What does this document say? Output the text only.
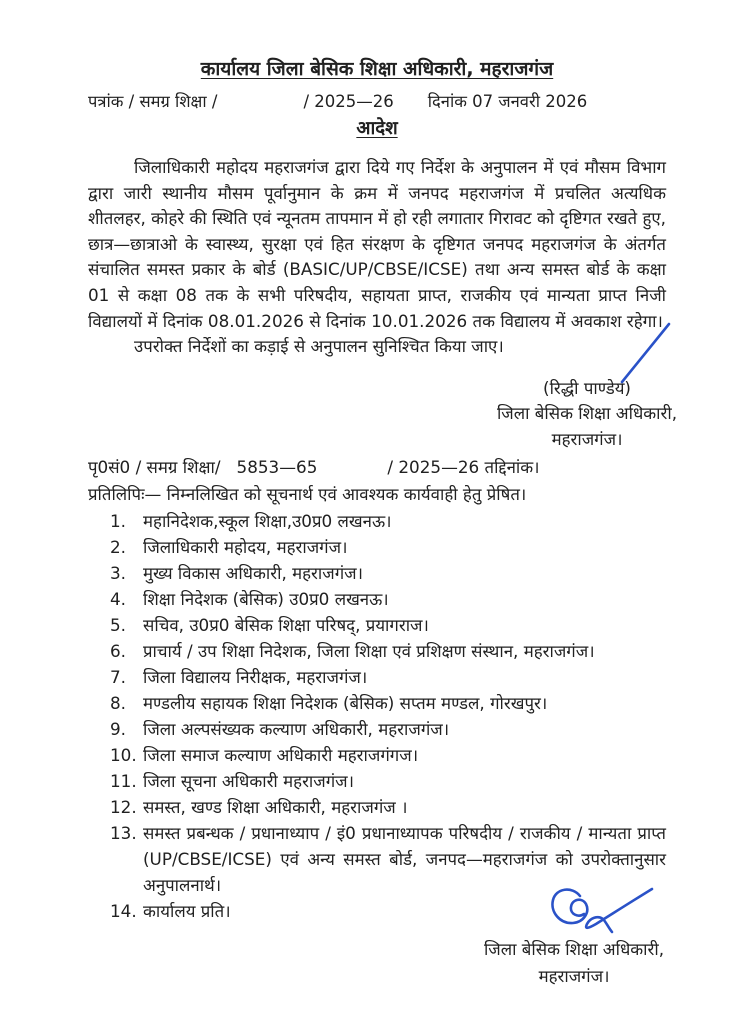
कार्यालय जिला बेसिक शिक्षा अधिकारी, महराजगंज
पत्रांक / समग्र शिक्षा /	/ 2025—26 दिनांक 07 जनवरी 2026
आदेश
जिलाधिकारी महोदय महराजगंज द्वारा दिये गए निर्देश के अनुपालन में एवं मौसम विभाग द्वारा जारी स्थानीय मौसम पूर्वानुमान के क्रम में जनपद महराजगंज में प्रचलित अत्यधिक शीतलहर, कोहरे की स्थिति एवं न्यूनतम तापमान में हो रही लगातार गिरावट को दृष्टिगत रखते हुए, छात्र—छात्राओ के स्वास्थ्य, सुरक्षा एवं हित संरक्षण के दृष्टिगत जनपद महराजगंज के अंतर्गत संचालित समस्त प्रकार के बोर्ड (BASIC/UP/CBSE/ICSE) तथा अन्य समस्त बोर्ड के कक्षा 01 से कक्षा 08 तक के सभी परिषदीय, सहायता प्राप्त, राजकीय एवं मान्यता प्राप्त निजी विद्यालयों में दिनांक 08.01.2026 से दिनांक 10.01.2026 तक विद्यालय में अवकाश रहेगा।
उपरोक्त निर्देशों का कड़ाई से अनुपालन सुनिश्चित किया जाए।
(रिद्धी पाण्डेय)
जिला बेसिक शिक्षा अधिकारी,
महराजगंज।
पृ0सं0 / समग्र शिक्षा/ 5853—65	/ 2025—26 तद्दिनांक।
प्रतिलिपिः— निम्नलिखित को सूचनार्थ एवं आवश्यक कार्यवाही हेतु प्रेषित।
1.	महानिदेशक,स्कूल शिक्षा,उ0प्र0 लखनऊ।
2.	जिलाधिकारी महोदय, महराजगंज।
3.	मुख्य विकास अधिकारी, महराजगंज।
4.	शिक्षा निदेशक (बेसिक) उ0प्र0 लखनऊ।
5.	सचिव, उ0प्र0 बेसिक शिक्षा परिषद्, प्रयागराज।
6.	प्राचार्य / उप शिक्षा निदेशक, जिला शिक्षा एवं प्रशिक्षण संस्थान, महराजगंज।
7.	जिला विद्यालय निरीक्षक, महराजगंज।
8.	मण्डलीय सहायक शिक्षा निदेशक (बेसिक) सप्तम मण्डल, गोरखपुर।
9.	जिला अल्पसंख्यक कल्याण अधिकारी, महराजगंज।
10. जिला समाज कल्याण अधिकारी महराजगंगज।
11. जिला सूचना अधिकारी महराजगंज।
12. समस्त, खण्ड शिक्षा अधिकारी, महराजगंज ।
13. समस्त प्रबन्धक / प्रधानाध्याप / इं0 प्रधानाध्यापक परिषदीय / राजकीय / मान्यता प्राप्त (UP/CBSE/ICSE) एवं अन्य समस्त बोर्ड, जनपद—महराजगंज को उपरोक्तानुसार अनुपालनार्थ।
14. कार्यालय प्रति।
जिला बेसिक शिक्षा अधिकारी,
महराजगंज।
